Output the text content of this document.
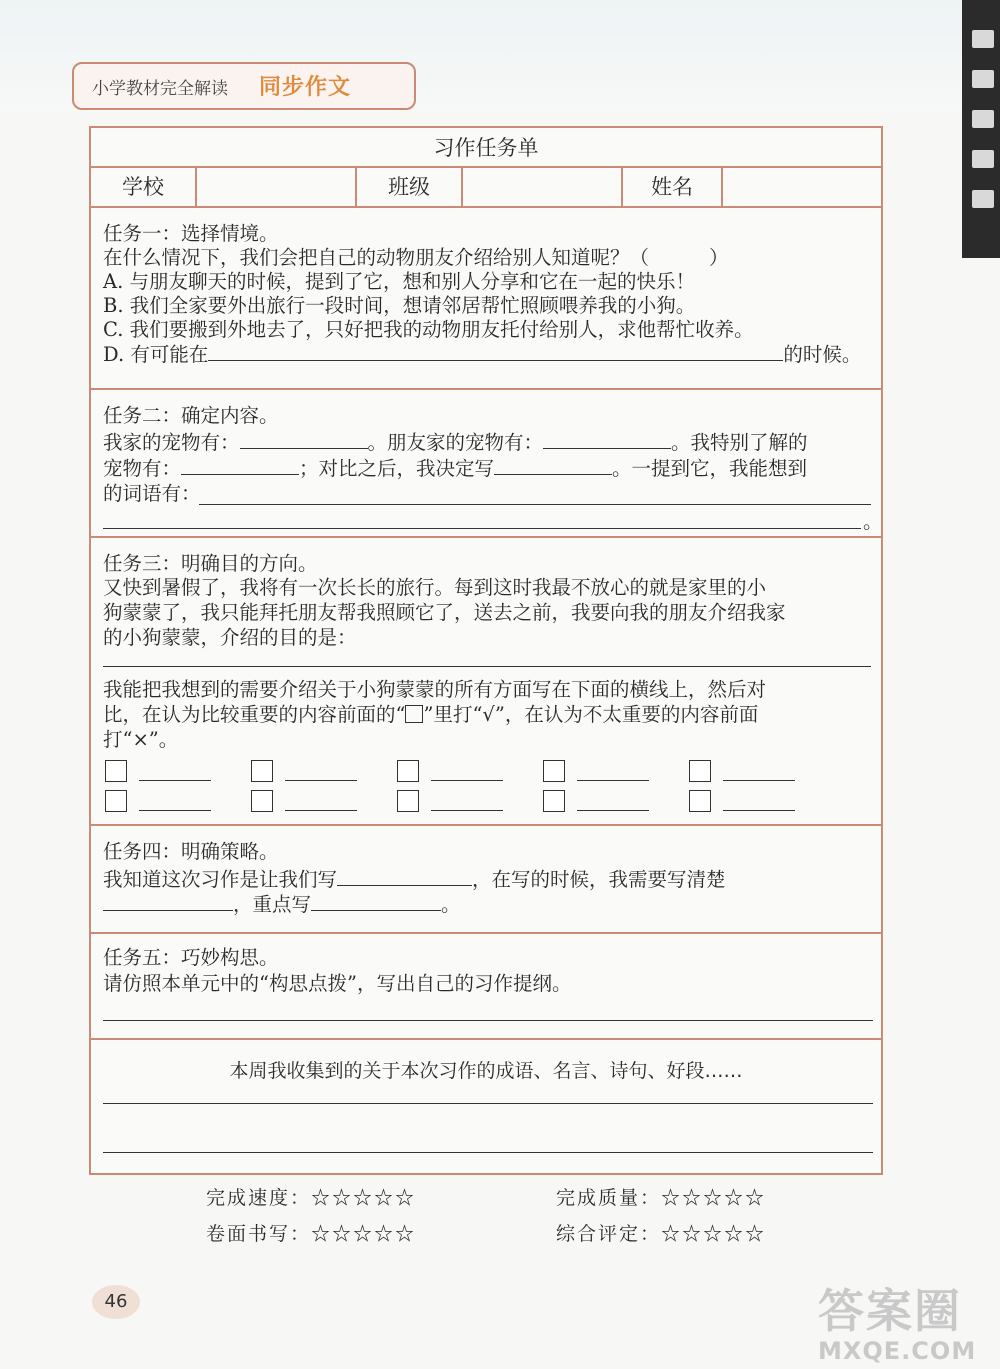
小学教材完全解读 同步作文
习作任务单
学校	班级	姓名
任务一：选择情境。
在什么情况下，我们会把自己的动物朋友介绍给别人知道呢？（	）
A. 与朋友聊天的时候，提到了它，想和别人分享和它在一起的快乐！
B. 我们全家要外出旅行一段时间，想请邻居帮忙照顾喂养我的小狗。
C. 我们要搬到外地去了，只好把我的动物朋友托付给别人，求他帮忙收养。
D. 有可能在	的时候。
任务二：确定内容。
我家的宠物有：	。朋友家的宠物有：	。我特别了解的
宠物有：	；对比之后，我决定写	。一提到它，我能想到
的词语有：
。
任务三：明确目的方向。
又快到暑假了，我将有一次长长的旅行。每到这时我最不放心的就是家里的小
狗蒙蒙了，我只能拜托朋友帮我照顾它了，送去之前，我要向我的朋友介绍我家
的小狗蒙蒙，介绍的目的是：
我能把我想到的需要介绍关于小狗蒙蒙的所有方面写在下面的横线上，然后对
比，在认为比较重要的内容前面的“ ”里打“√”，在认为不太重要的内容前面
打“×”。
任务四：明确策略。
我知道这次习作是让我们写	，在写的时候，我需要写清楚
，重点写	。
任务五：巧妙构思。
请仿照本单元中的“构思点拨”，写出自己的习作提纲。
本周我收集到的关于本次习作的成语、名言、诗句、好段……
完成速度：☆☆☆☆☆	完成质量：☆☆☆☆☆
卷面书写：☆☆☆☆☆	综合评定：☆☆☆☆☆
46	答案圈
MXQE.COM
